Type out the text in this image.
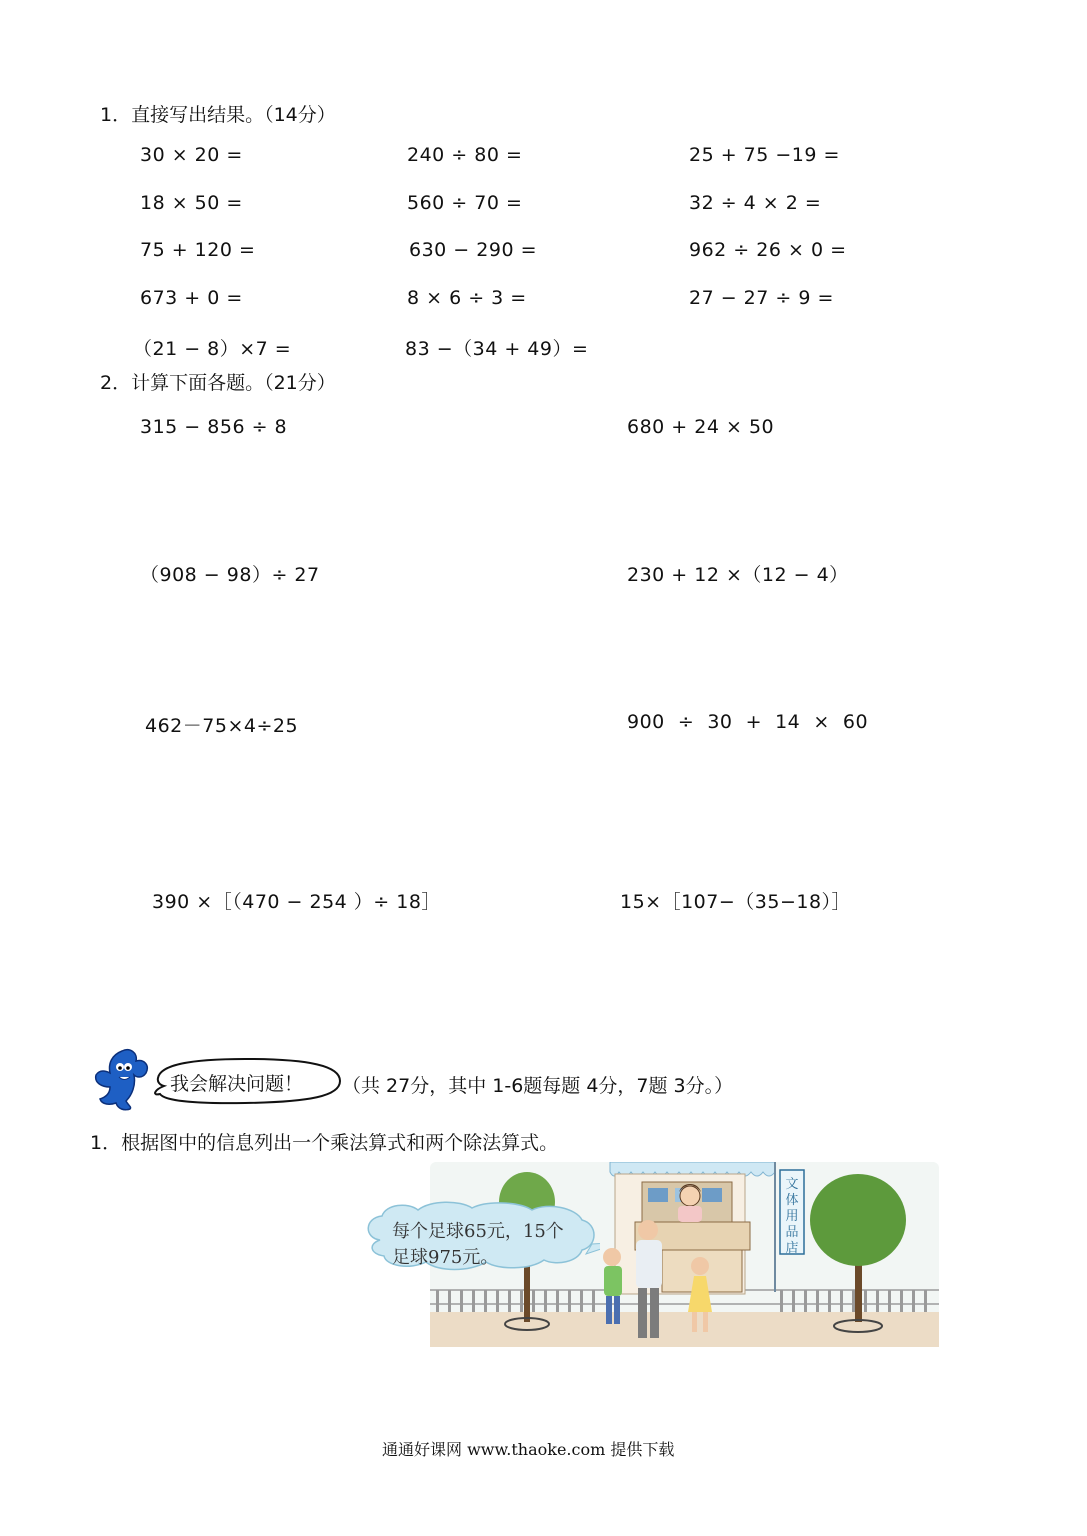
1．直接写出结果。（14分）
30 × 20 =	240 ÷ 80 =	25 + 75 −19 =
18 × 50 =	560 ÷ 70 =	32 ÷ 4 × 2 =
75 + 120 =	630 − 290 =	962 ÷ 26 × 0 =
673 + 0 =	8 × 6 ÷ 3 =	27 − 27 ÷ 9 =
（21 − 8）×7 =	83 −（34 + 49）=
2．计算下面各题。（21分）
315 − 856 ÷ 8	680 + 24 × 50
（908 − 98）÷ 27	230 + 12 ×（12 − 4）
462－75×4÷25	900  ÷  30  +  14  ×  60
390 ×［（470 − 254 ）÷ 18］	15×［107−（35−18）］
我会解决问题！ （共 27分，其中 1-6题每题 4分，7题 3分。）
1．根据图中的信息列出一个乘法算式和两个除法算式。
文
体
用
品
店
每个足球65元，15个
足球975元。
通通好课网 www.thaoke.com 提供下载
